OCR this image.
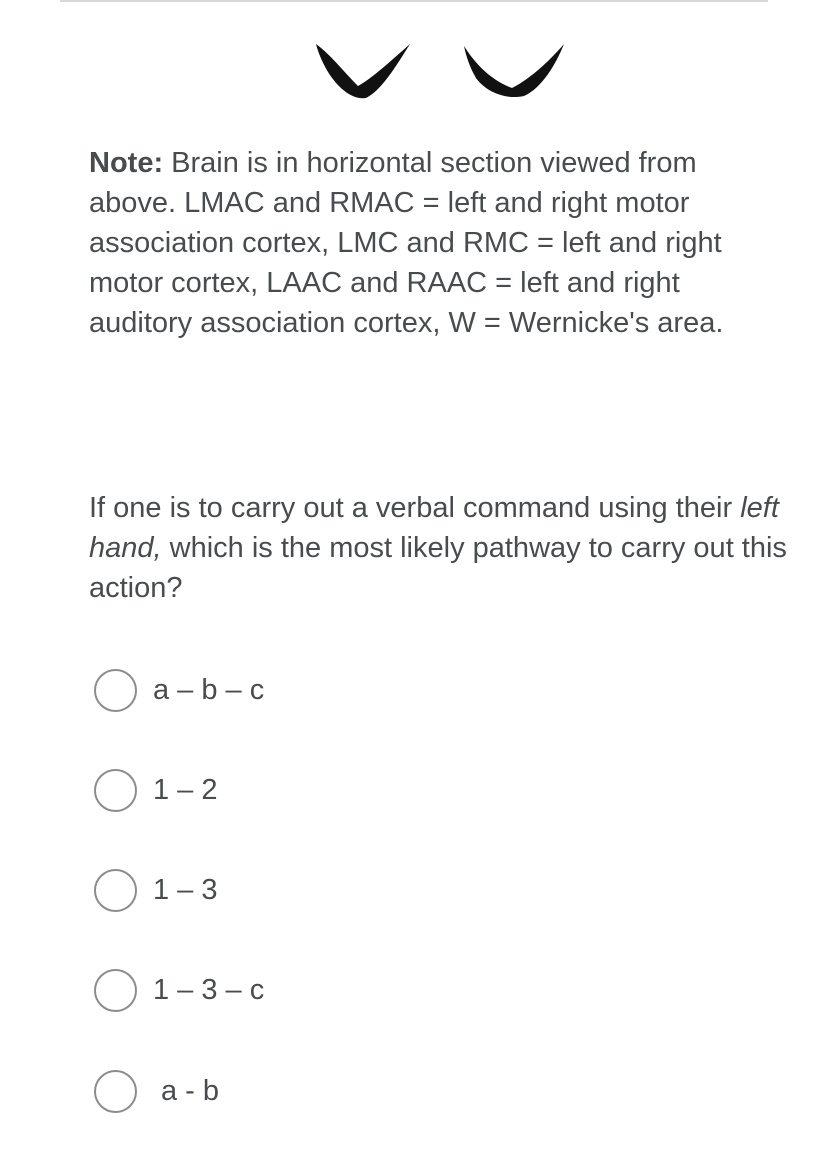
Note: Brain is in horizontal section viewed from above. LMAC and RMAC = left and right motor association cortex, LMC and RMC = left and right motor cortex, LAAC and RAAC = left and right auditory association cortex, W = Wernicke's area.

If one is to carry out a verbal command using their left hand, which is the most likely pathway to carry out this action?

a – b – c
1 – 2
1 – 3
1 – 3 – c
a - b
